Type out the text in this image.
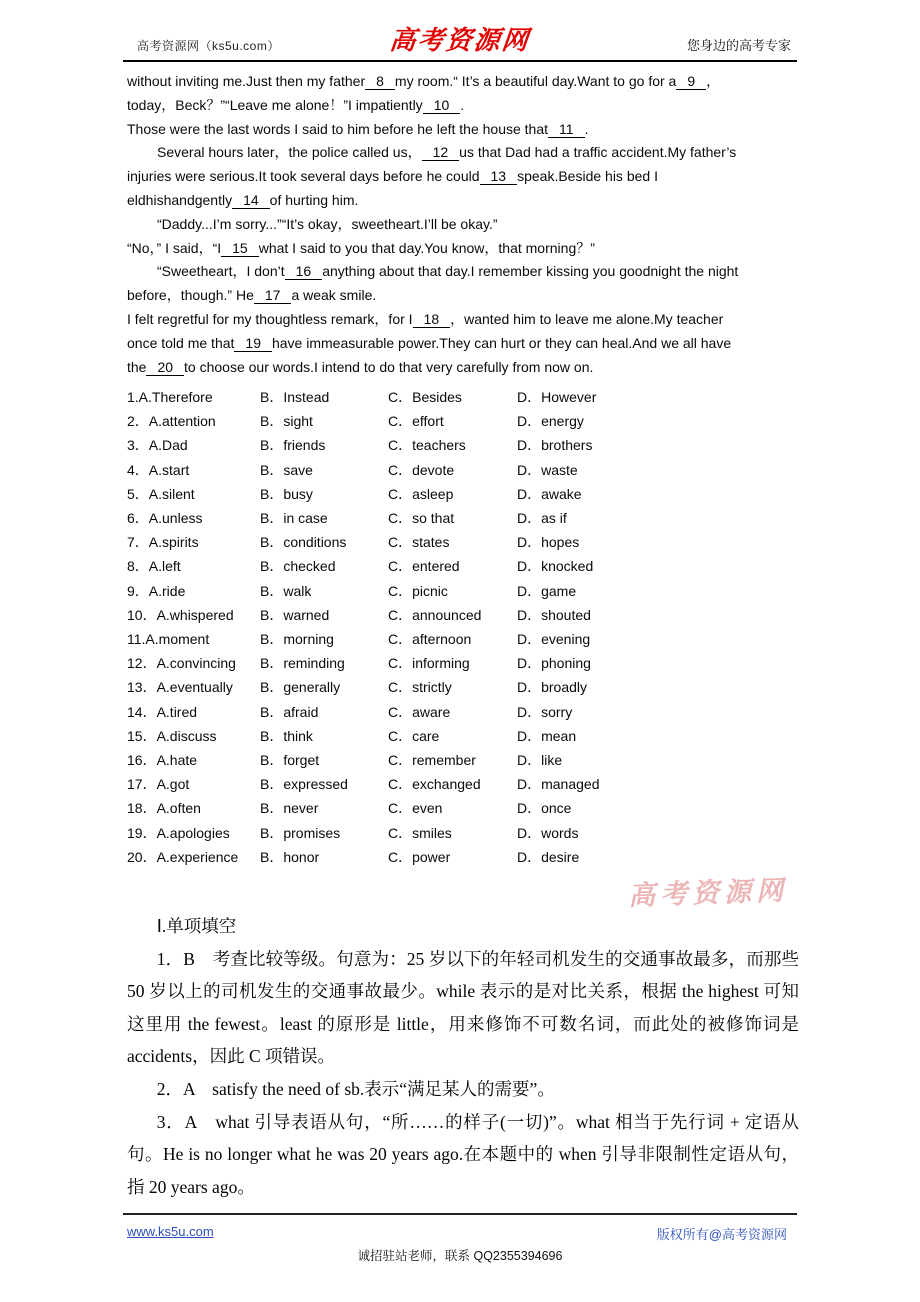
高考资源网（ks5u.com）	高考资源网	您身边的高考专家
without inviting me.Just then my father 8 my room.“ It’s a beautiful day.Want to go for a 9 ，
today，Beck？”“Leave me alone！”I impatiently 10 .
Those were the last words I said to him before he left the house that 11 .
Several hours later，the police called us， 12 us that Dad had a traffic accident.My father’s
injuries were serious.It took several days before he could 13 speak.Beside his bed I
eldhishandgently 14 of hurting him.
“Daddy...I’m sorry...”“It’s okay，sweetheart.I’ll be okay.”
“No，” I said，“I 15 what I said to you that day.You know，that morning？”
“Sweetheart，I don’t 16 anything about that day.I remember kissing you goodnight the night
before，though.” He 17 a weak smile.
I felt regretful for my thoughtless remark，for I 18 ，wanted him to leave me alone.My teacher
once told me that 19 have immeasurable power.They can hurt or they can heal.And we all have
the 20 to choose our words.I intend to do that very carefully from now on.
1.A.Therefore	B．Instead	C．Besides	D．However
2．A.attention	B．sight	C．effort	D．energy
3．A.Dad	B．friends	C．teachers	D．brothers
4．A.start	B．save	C．devote	D．waste
5．A.silent	B．busy	C．asleep	D．awake
6．A.unless	B．in case	C．so that	D．as if
7．A.spirits	B．conditions	C．states	D．hopes
8．A.left	B．checked	C．entered	D．knocked
9．A.ride	B．walk	C．picnic	D．game
10．A.whispered	B．warned	C．announced	D．shouted
11.A.moment	B．morning	C．afternoon	D．evening
12．A.convincing	B．reminding	C．informing	D．phoning
13．A.eventually	B．generally	C．strictly	D．broadly
14．A.tired	B．afraid	C．aware	D．sorry
15．A.discuss	B．think	C．care	D．mean
16．A.hate	B．forget	C．remember	D．like
17．A.got	B．expressed	C．exchanged	D．managed
18．A.often	B．never	C．even	D．once
19．A.apologies	B．promises	C．smiles	D．words
20．A.experience	B．honor	C．power	D．desire
高考资源网
Ⅰ.单项填空

1．B　考查比较等级。句意为：25 岁以下的年轻司机发生的交通事故最多，而那些 50 岁以上的司机发生的交通事故最少。while 表示的是对比关系，根据 the highest 可知这里用 the fewest。least 的原形是 little，用来修饰不可数名词，而此处的被修饰词是 accidents，因此 C 项错误。

2．A　satisfy the need of sb.表示“满足某人的需要”。

3．A　what 引导表语从句，“所……的样子(一切)”。what 相当于先行词 + 定语从句。He is no longer what he was 20 years ago.在本题中的 when 引导非限制性定语从句，指 20 years ago。

www.ks5u.com	版权所有@高考资源网
诚招驻站老师，联系 QQ2355394696
